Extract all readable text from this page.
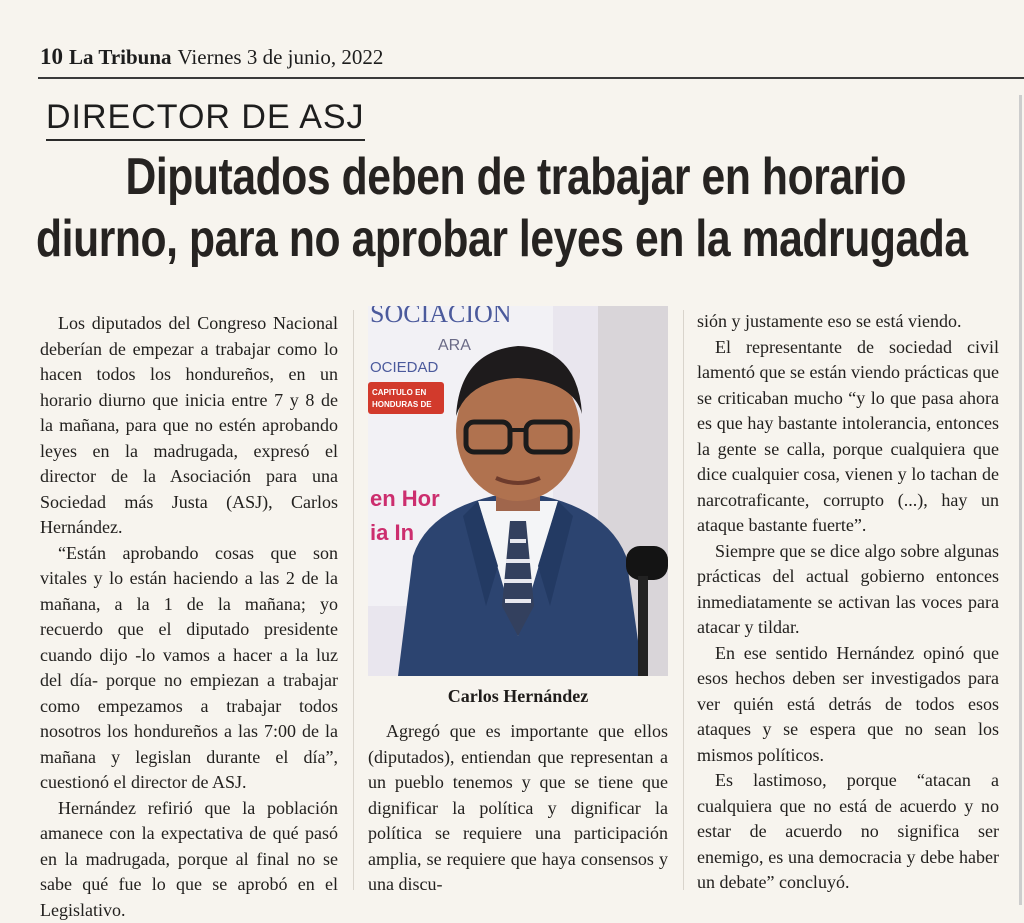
10 La Tribuna Viernes 3 de junio, 2022
DIRECTOR DE ASJ
Diputados deben de trabajar en horario
diurno, para no aprobar leyes en la madrugada

Los diputados del Congreso Nacional deberían de empezar a trabajar como lo hacen todos los hondureños, en un horario diurno que inicia entre 7 y 8 de la mañana, para que no estén aprobando leyes en la madrugada, expresó el director de la Asociación para una Sociedad más Justa (ASJ), Carlos Hernández.

“Están aprobando cosas que son vitales y lo están haciendo a las 2 de la mañana, a la 1 de la mañana; yo recuerdo que el diputado presidente cuando dijo -lo vamos a hacer a la luz del día- porque no empiezan a trabajar como empezamos a trabajar todos nosotros los hondureños a las 7:00 de la mañana y legislan durante el día”, cuestionó el director de ASJ.

Hernández refirió que la población amanece con la expectativa de qué pasó en la madrugada, porque al final no se sabe qué fue lo que se aprobó en el Legislativo.

SOCIACION
ARA
OCIEDAD
CAPITULO EN
HONDURAS DE
en Hor
ia In
Carlos Hernández

Agregó que es importante que ellos (diputados), entiendan que representan a un pueblo tenemos y que se tiene que dignificar la política y dignificar la política se requiere una participación amplia, se requiere que haya consensos y una discu-

sión y justamente eso se está viendo.

El representante de sociedad civil lamentó que se están viendo prácticas que se criticaban mucho “y lo que pasa ahora es que hay bastante intolerancia, entonces la gente se calla, porque cualquiera que dice cualquier cosa, vienen y lo tachan de narcotraficante, corrupto (...), hay un ataque bastante fuerte”.

Siempre que se dice algo sobre algunas prácticas del actual gobierno entonces inmediatamente se activan las voces para atacar y tildar.

En ese sentido Hernández opinó que esos hechos deben ser investigados para ver quién está detrás de todos esos ataques y se espera que no sean los mismos políticos.

Es lastimoso, porque “atacan a cualquiera que no está de acuerdo y no estar de acuerdo no significa ser enemigo, es una democracia y debe haber un debate” concluyó.
